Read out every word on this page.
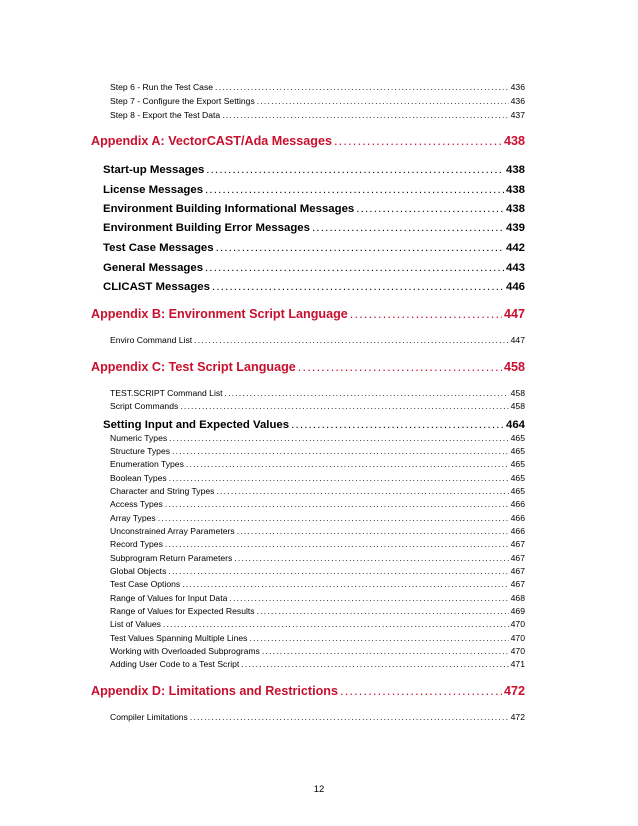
Step 6 - Run the Test Case .....	436
Step 7 - Configure the Export Settings .....	436
Step 8 - Export the Test Data .....	437
Appendix A: VectorCAST/Ada Messages .....	438
Start-up Messages .....	438
License Messages .....	438
Environment Building Informational Messages .....	438
Environment Building Error Messages .....	439
Test Case Messages .....	442
General Messages .....	443
CLICAST Messages .....	446
Appendix B: Environment Script Language .....	447
Enviro Command List .....	447
Appendix C: Test Script Language .....	458
TEST.SCRIPT Command List .....	458
Script Commands .....	458
Setting Input and Expected Values .....	464
Numeric Types .....	465
Structure Types .....	465
Enumeration Types .....	465
Boolean Types .....	465
Character and String Types .....	465
Access Types .....	466
Array Types .....	466
Unconstrained Array Parameters .....	466
Record Types .....	467
Subprogram Return Parameters .....	467
Global Objects .....	467
Test Case Options .....	467
Range of Values for Input Data .....	468
Range of Values for Expected Results .....	469
List of Values .....	470
Test Values Spanning Multiple Lines .....	470
Working with Overloaded Subprograms .....	470
Adding User Code to a Test Script .....	471
Appendix D: Limitations and Restrictions .....	472
Compiler Limitations .....	472
12
